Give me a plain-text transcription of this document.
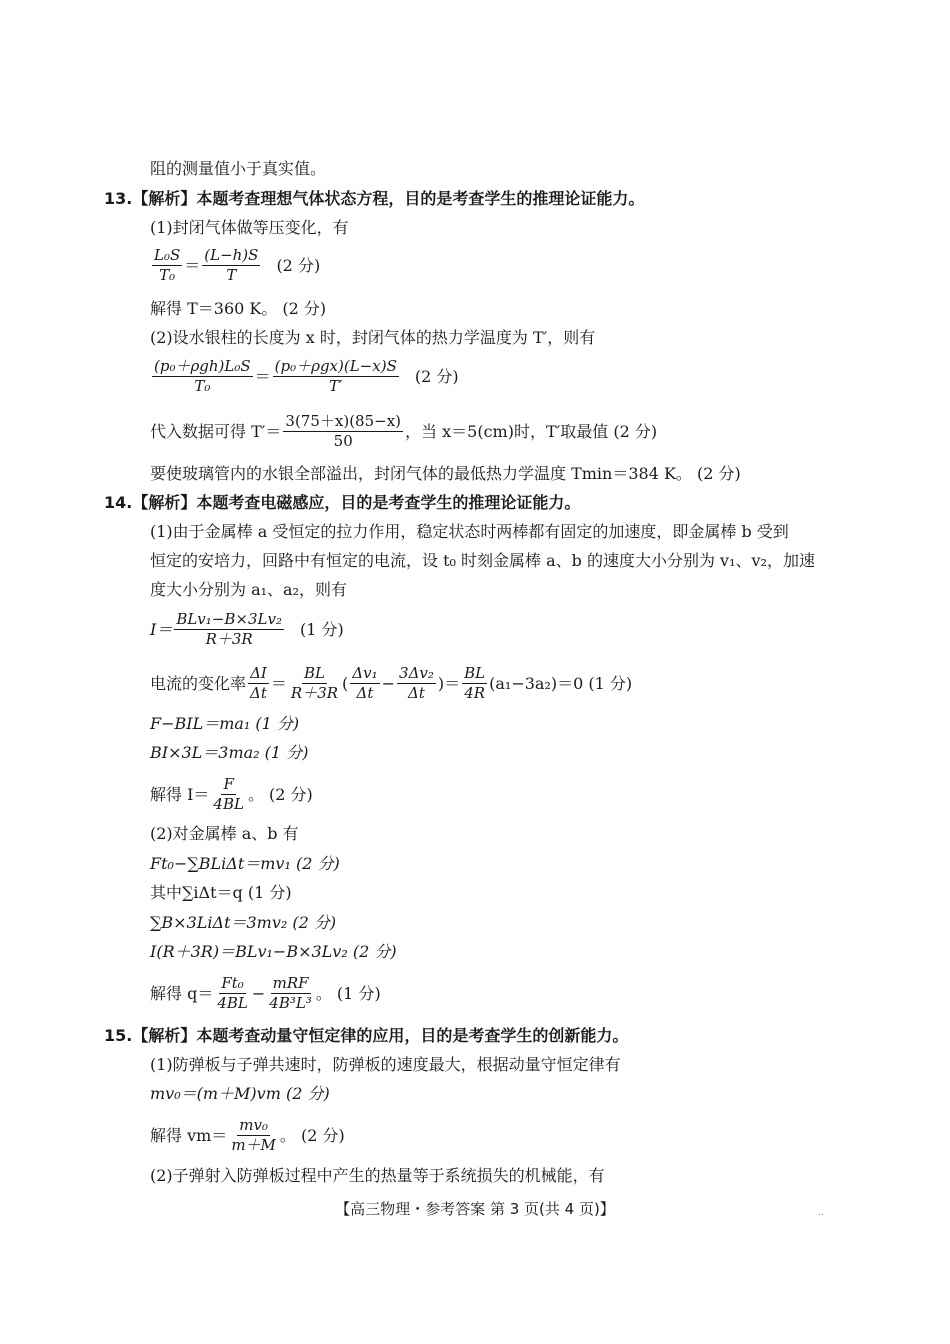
阻的测量值小于真实值。
13.【解析】本题考查理想气体状态方程，目的是考查学生的推理论证能力。
(1)封闭气体做等压变化，有
$\frac{\text{L₀S}}{\text{T₀}} = \frac{(L-h)S}{T} (2$ 分)
解得 T＝360 K。 (2 分)
(2)设水银柱的长度为 x 时，封闭气体的热力学温度为 T′，则有
$\frac{\text{(p₀＋ρgh)L₀S}}{\text{T₀}} = \frac{\text{(p₀＋ρgx)(L−x)S}}{T'} (2$ 分)
代入数据可得 $T'= \frac{3(75+x)(85-x)}{50}$ ，当 x＝5(cm)时，T′取最值 (2 分)
要使玻璃管内的水银全部溢出，封闭气体的最低热力学温度 Tmin＝384 K。 (2 分)
14.【解析】本题考查电磁感应，目的是考查学生的推理论证能力。
(1)由于金属棒 a 受恒定的拉力作用，稳定状态时两棒都有固定的加速度，即金属棒 b 受到
恒定的安培力，回路中有恒定的电流，设 t₀ 时刻金属棒 a、b 的速度大小分别为 v₁、v₂，加速
度大小分别为 a₁、a₂，则有
$I= \frac{\text{BLv₁−B×3Lv₂}}{R+3R} (1$ 分)
电流的变化率 $\frac{\Delta I}{\Delta t} = \frac{BL}{R+3R}$ ( $\frac{\text{Δv₁}}{\Delta t} - \frac{\text{3Δv₂}}{\Delta t}$ )＝ $\frac{BL}{4R} (a_1-3a_2)=0$ (1 分)
F−BIL＝ma₁ (1 分)
BI×3L＝3ma₂ (1 分)
解得 $I= \frac{F}{4BL}$ 。 (2 分)
(2)对金属棒 a、b 有
Ft₀−∑BLiΔt＝mv₁ (2 分)
其中∑iΔt＝q (1 分)
∑B×3LiΔt＝3mv₂ (2 分)
I(R＋3R)＝BLv₁−B×3Lv₂ (2 分)
解得 $q= \frac{\text{Ft₀}}{4BL} - \frac{\text{mRF}}{\text{4B³L³}}$ 。 (1 分)
15.【解析】本题考查动量守恒定律的应用，目的是考查学生的创新能力。
(1)防弹板与子弹共速时，防弹板的速度最大，根据动量守恒定律有
mv₀＝(m＋M)vm (2 分)
解得 $vm= \frac{\text{mv₀}}{m+M}$ 。 (2 分)
(2)子弹射入防弹板过程中产生的热量等于系统损失的机械能，有
【高三物理・参考答案 第 3 页(共 4 页)】	..
